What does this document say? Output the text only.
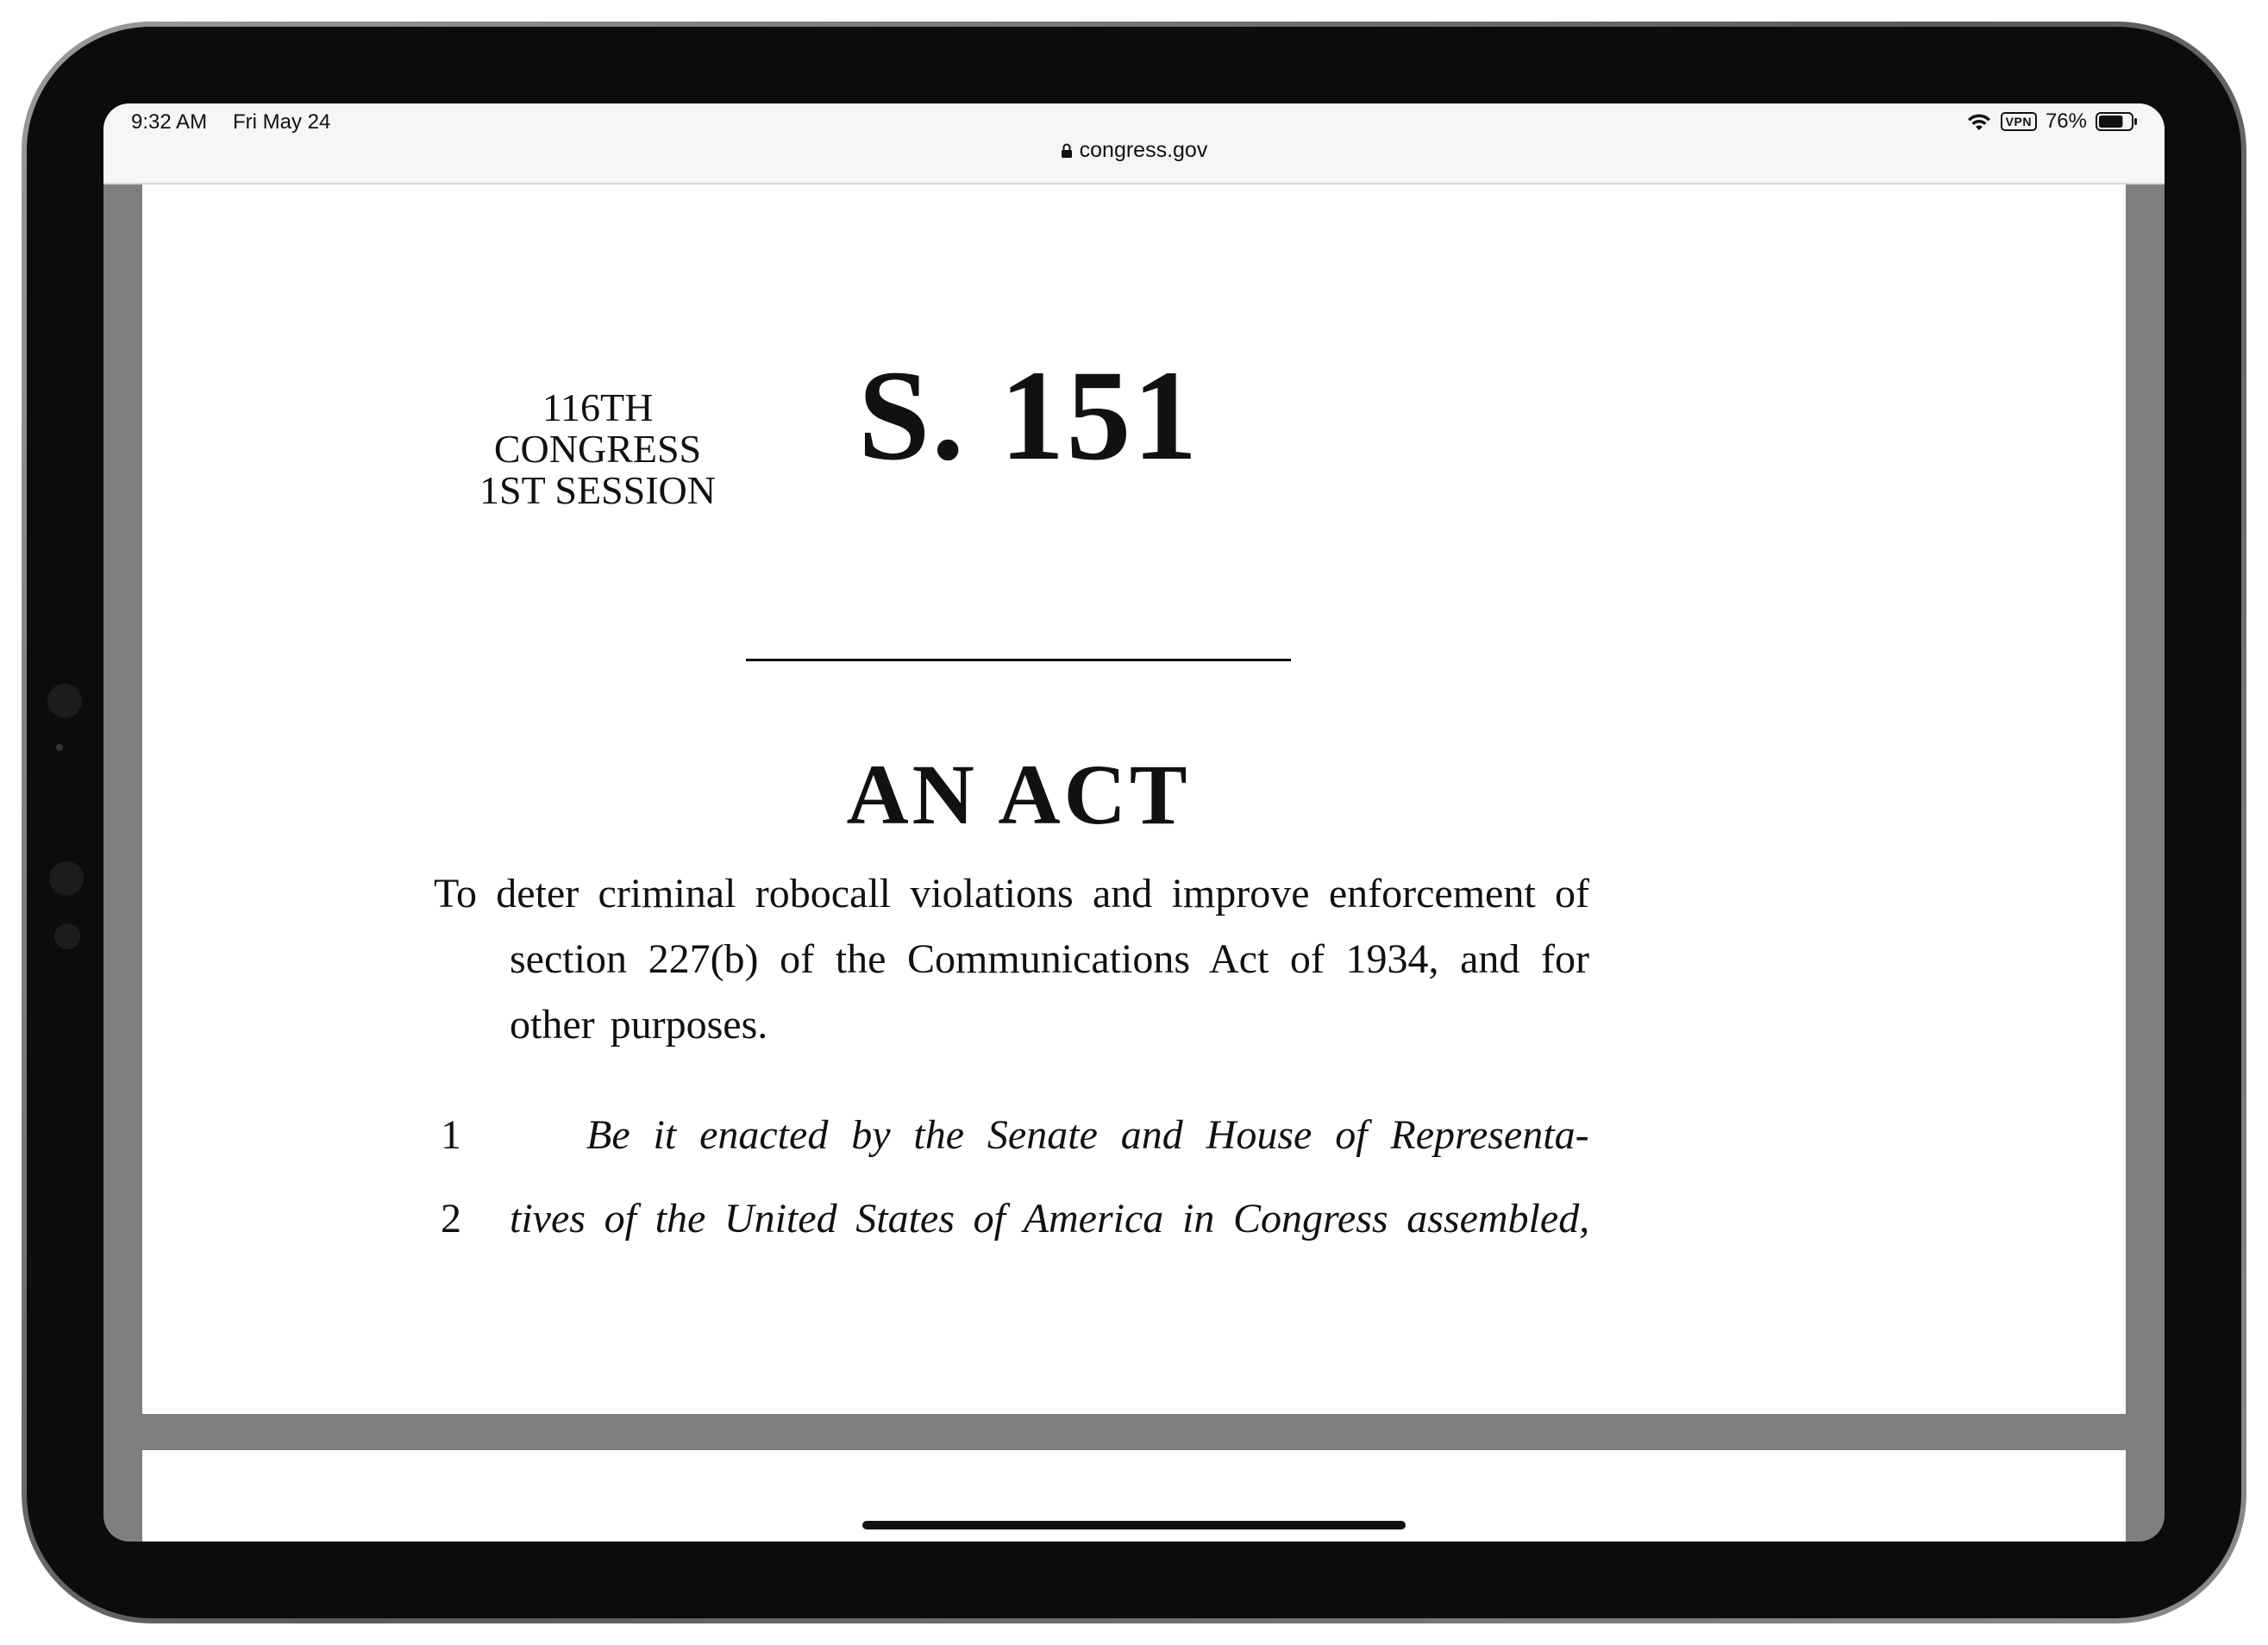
9:32 AM Fri May 24	VPN 76%
congress.gov
116TH CONGRESS
1ST SESSION
S. 151
AN ACT
To deter criminal robocall violations and improve enforcement of section 227(b) of the Communications Act of 1934, and for other purposes.
1	Be it enacted by the Senate and House of Representa-
2 tives of the United States of America in Congress assembled,
